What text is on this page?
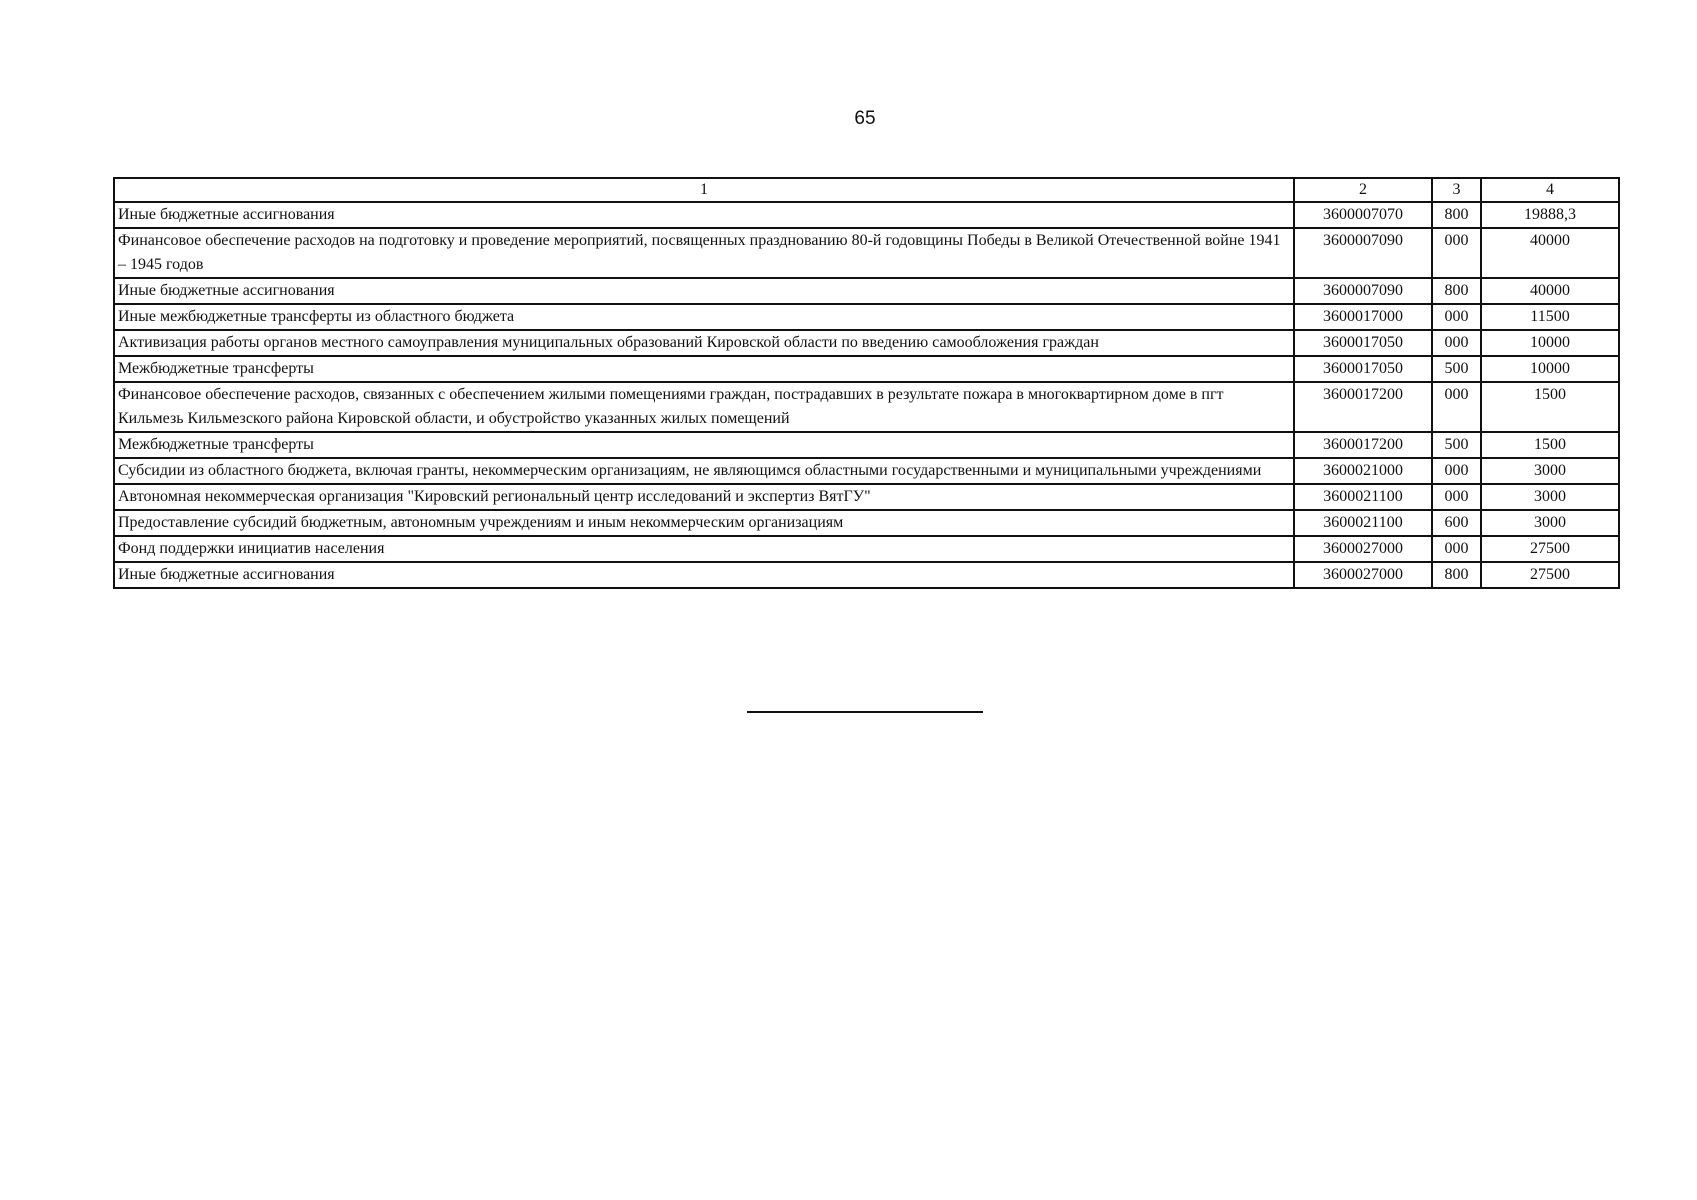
65
1	2	3	4
Иные бюджетные ассигнования	3600007070	800	19888,3
Финансовое обеспечение расходов на подготовку и проведение мероприятий, посвященных празднованию 80-й годовщины Победы в Великой Отечественной войне 1941 – 1945 годов	3600007090	000	40000
Иные бюджетные ассигнования	3600007090	800	40000
Иные межбюджетные трансферты из областного бюджета	3600017000	000	11500
Активизация работы органов местного самоуправления муниципальных образований Кировской области по введению самообложения граждан	3600017050	000	10000
Межбюджетные трансферты	3600017050	500	10000
Финансовое обеспечение расходов, связанных с обеспечением жилыми помещениями граждан, пострадавших в результате пожара в многоквартирном доме в пгт Кильмезь Кильмезского района Кировской области, и обустройство указанных жилых помещений	3600017200	000	1500
Межбюджетные трансферты	3600017200	500	1500
Субсидии из областного бюджета, включая гранты, некоммерческим организациям, не являющимся областными государственными и муниципальными учреждениями	3600021000	000	3000
Автономная некоммерческая организация "Кировский региональный центр исследований и экспертиз ВятГУ"	3600021100	000	3000
Предоставление субсидий бюджетным, автономным учреждениям и иным некоммерческим организациям	3600021100	600	3000
Фонд поддержки инициатив населения	3600027000	000	27500
Иные бюджетные ассигнования	3600027000	800	27500
